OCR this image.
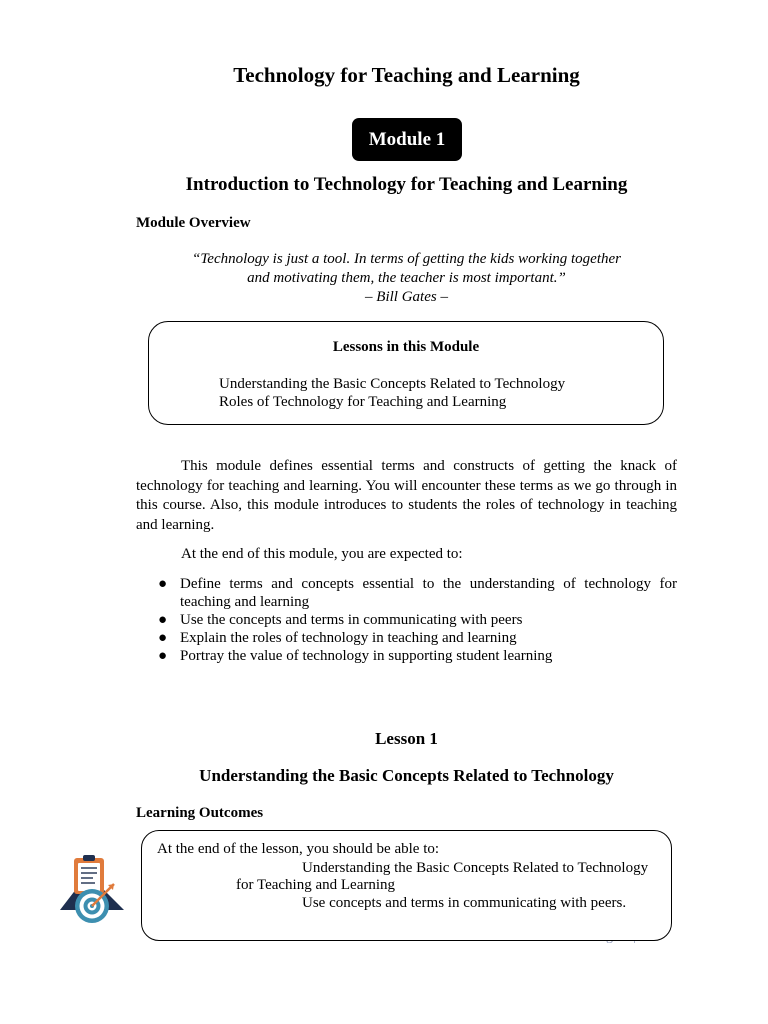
Technology for Teaching and Learning
Module 1
Introduction to Technology for Teaching and Learning
Module Overview
“Technology is just a tool. In terms of getting the kids working together
and motivating them, the teacher is most important.”
– Bill Gates –
Lessons in this Module
Understanding the Basic Concepts Related to Technology
Roles of Technology for Teaching and Learning
This module defines essential terms and constructs of getting the knack of technology for teaching and learning. You will encounter these terms as we go through in this course. Also, this module introduces to students the roles of technology in teaching and learning.
At the end of this module, you are expected to:
● Define terms and concepts essential to the understanding of technology for teaching and learning
● Use the concepts and terms in communicating with peers
● Explain the roles of technology in teaching and learning
● Portray the value of technology in supporting student learning
Lesson 1
Understanding the Basic Concepts Related to Technology
Learning Outcomes
At the end of the lesson, you should be able to:
Understanding the Basic Concepts Related to Technology
for Teaching and Learning
Use concepts and terms in communicating with peers.
